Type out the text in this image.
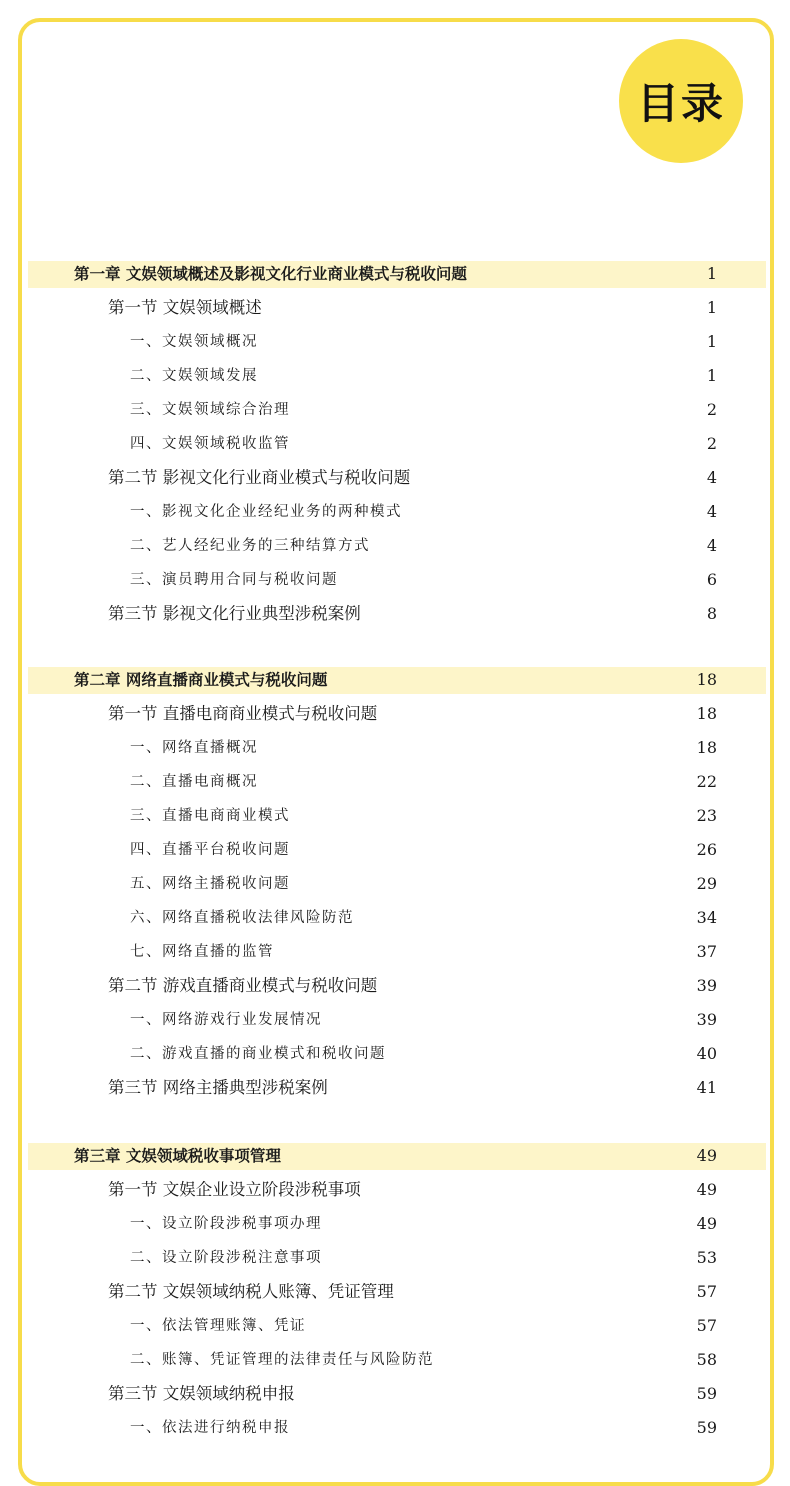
目录
第一章 文娱领域概述及影视文化行业商业模式与税收问题	1
第一节 文娱领域概述	1
一、文娱领域概况	1
二、文娱领域发展	1
三、文娱领域综合治理	2
四、文娱领域税收监管	2
第二节 影视文化行业商业模式与税收问题	4
一、影视文化企业经纪业务的两种模式	4
二、艺人经纪业务的三种结算方式	4
三、演员聘用合同与税收问题	6
第三节 影视文化行业典型涉税案例	8
第二章 网络直播商业模式与税收问题	18
第一节 直播电商商业模式与税收问题	18
一、网络直播概况	18
二、直播电商概况	22
三、直播电商商业模式	23
四、直播平台税收问题	26
五、网络主播税收问题	29
六、网络直播税收法律风险防范	34
七、网络直播的监管	37
第二节 游戏直播商业模式与税收问题	39
一、网络游戏行业发展情况	39
二、游戏直播的商业模式和税收问题	40
第三节 网络主播典型涉税案例	41
第三章 文娱领域税收事项管理	49
第一节 文娱企业设立阶段涉税事项	49
一、设立阶段涉税事项办理	49
二、设立阶段涉税注意事项	53
第二节 文娱领域纳税人账簿、凭证管理	57
一、依法管理账簿、凭证	57
二、账簿、凭证管理的法律责任与风险防范	58
第三节 文娱领域纳税申报	59
一、依法进行纳税申报	59
